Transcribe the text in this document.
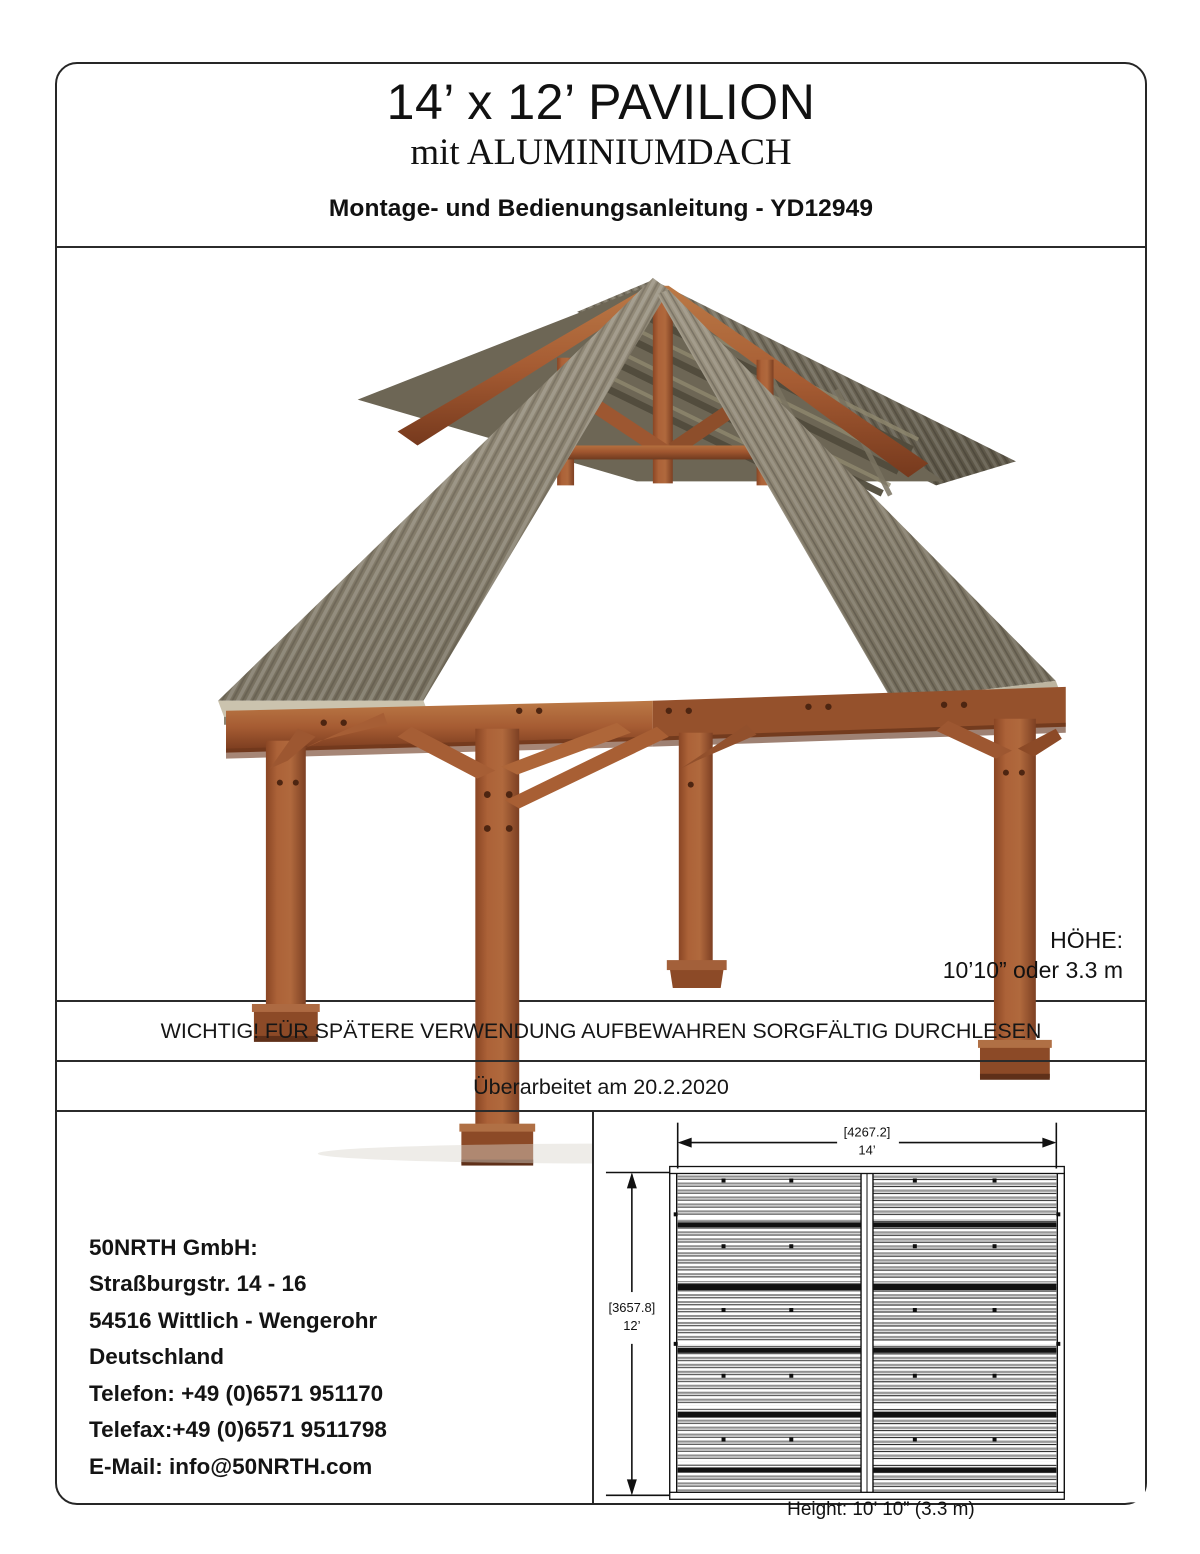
14’ x 12’ PAVILION
mit ALUMINIUMDACH
Montage- und Bedienungsanleitung - YD12949
HÖHE:
10’10” oder 3.3 m
WICHTIG! FÜR SPÄTERE VERWENDUNG AUFBEWAHREN SORGFÄLTIG DURCHLESEN
Überarbeitet am 20.2.2020
50NRTH GmbH:
Straßburgstr. 14 - 16
54516 Wittlich - Wengerohr
Deutschland
Telefon: +49 (0)6571 951170
Telefax:+49 (0)6571 9511798
E-Mail: info@50NRTH.com
[4267.2]
14’
[3657.8]
12’
Height: 10’ 10” (3.3 m)
